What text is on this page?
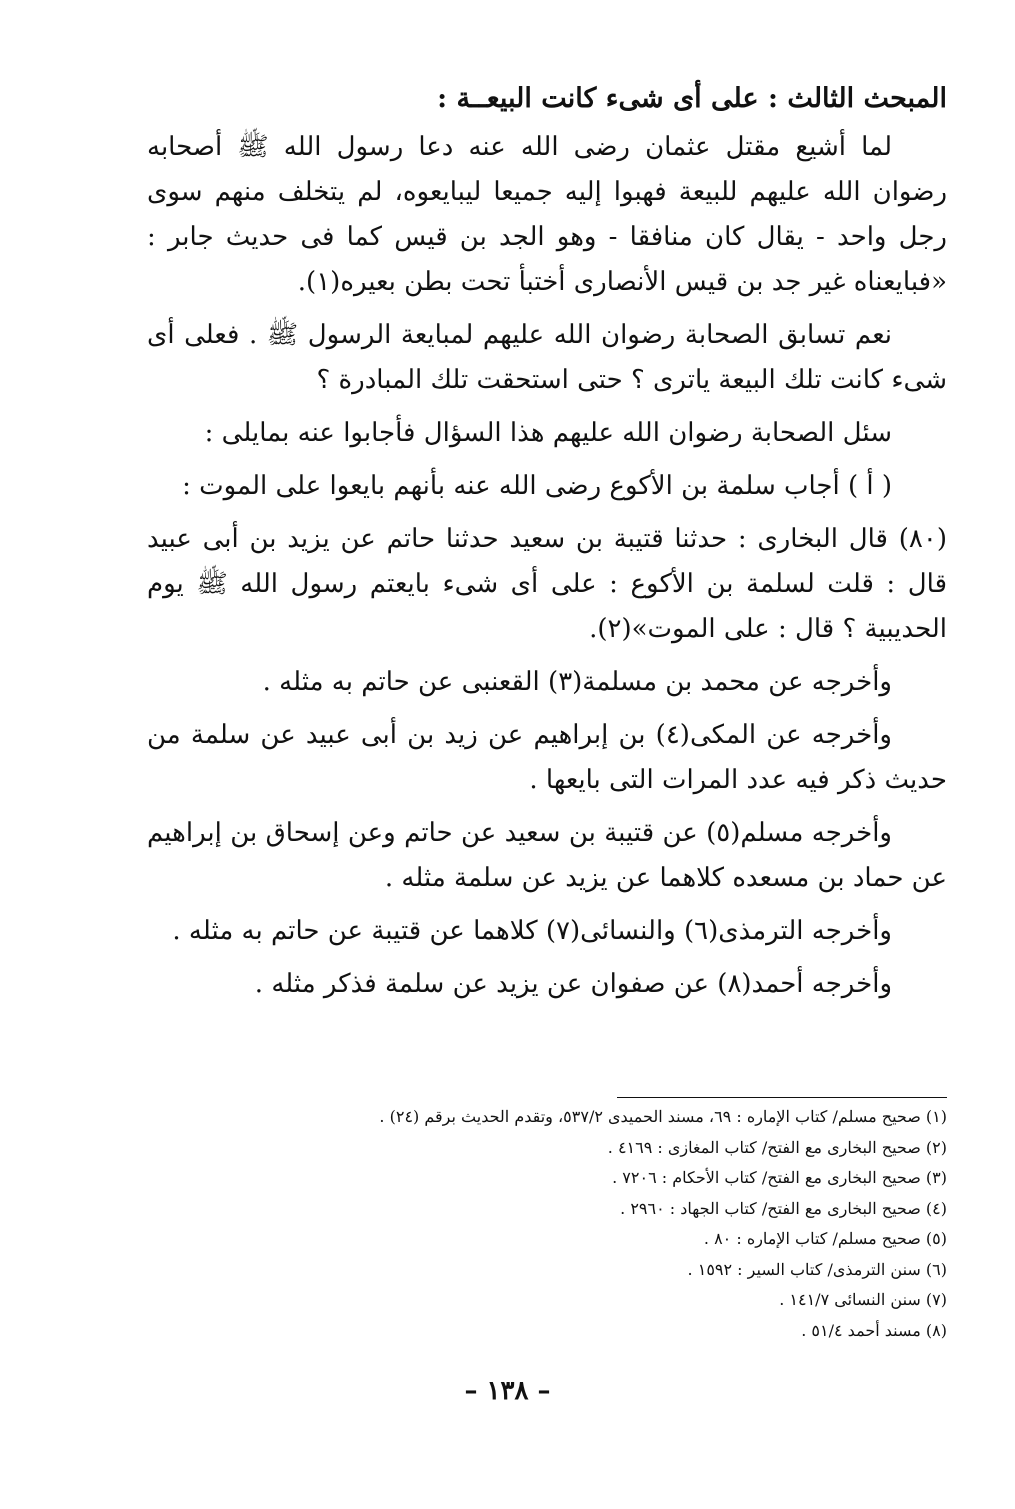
المبحث الثالث : على أى شىء كانت البيعــة :

لما أشيع مقتل عثمان رضى الله عنه دعا رسول الله ﷺ أصحابه رضوان الله عليهم للبيعة فهبوا إليه جميعا ليبايعوه، لم يتخلف منهم سوى رجل واحد - يقال كان منافقا - وهو الجد بن قيس كما فى حديث جابر : «فبايعناه غير جد بن قيس الأنصارى أختبأ تحت بطن بعيره(١).

نعم تسابق الصحابة رضوان الله عليهم لمبايعة الرسول ﷺ . فعلى أى شىء كانت تلك البيعة ياترى ؟ حتى استحقت تلك المبادرة ؟

سئل الصحابة رضوان الله عليهم هذا السؤال فأجابوا عنه بمايلى :

( أ ) أجاب سلمة بن الأكوع رضى الله عنه بأنهم بايعوا على الموت :

(٨٠) قال البخارى : حدثنا قتيبة بن سعيد حدثنا حاتم عن يزيد بن أبى عبيد قال : قلت لسلمة بن الأكوع : على أى شىء بايعتم رسول الله ﷺ يوم الحديبية ؟ قال : على الموت»(٢).

وأخرجه عن محمد بن مسلمة(٣) القعنبى عن حاتم به مثله .

وأخرجه عن المكى(٤) بن إبراهيم عن زيد بن أبى عبيد عن سلمة من حديث ذكر فيه عدد المرات التى بايعها .

وأخرجه مسلم(٥) عن قتيبة بن سعيد عن حاتم وعن إسحاق بن إبراهيم عن حماد بن مسعده كلاهما عن يزيد عن سلمة مثله .

وأخرجه الترمذى(٦) والنسائى(٧) كلاهما عن قتيبة عن حاتم به مثله .

وأخرجه أحمد(٨) عن صفوان عن يزيد عن سلمة فذكر مثله .

(١) صحيح مسلم/ كتاب الإماره : ٦٩، مسند الحميدى ٥٣٧/٢، وتقدم الحديث برقم (٢٤) .
(٢) صحيح البخارى مع الفتح/ كتاب المغازى : ٤١٦٩ .
(٣) صحيح البخارى مع الفتح/ كتاب الأحكام : ٧٢٠٦ .
(٤) صحيح البخارى مع الفتح/ كتاب الجهاد : ٢٩٦٠ .
(٥) صحيح مسلم/ كتاب الإماره : ٨٠ .
(٦) سنن الترمذى/ كتاب السير : ١٥٩٢ .
(٧) سنن النسائى ١٤١/٧ .
(٨) مسند أحمد ٥١/٤ .
– ١٣٨ –
